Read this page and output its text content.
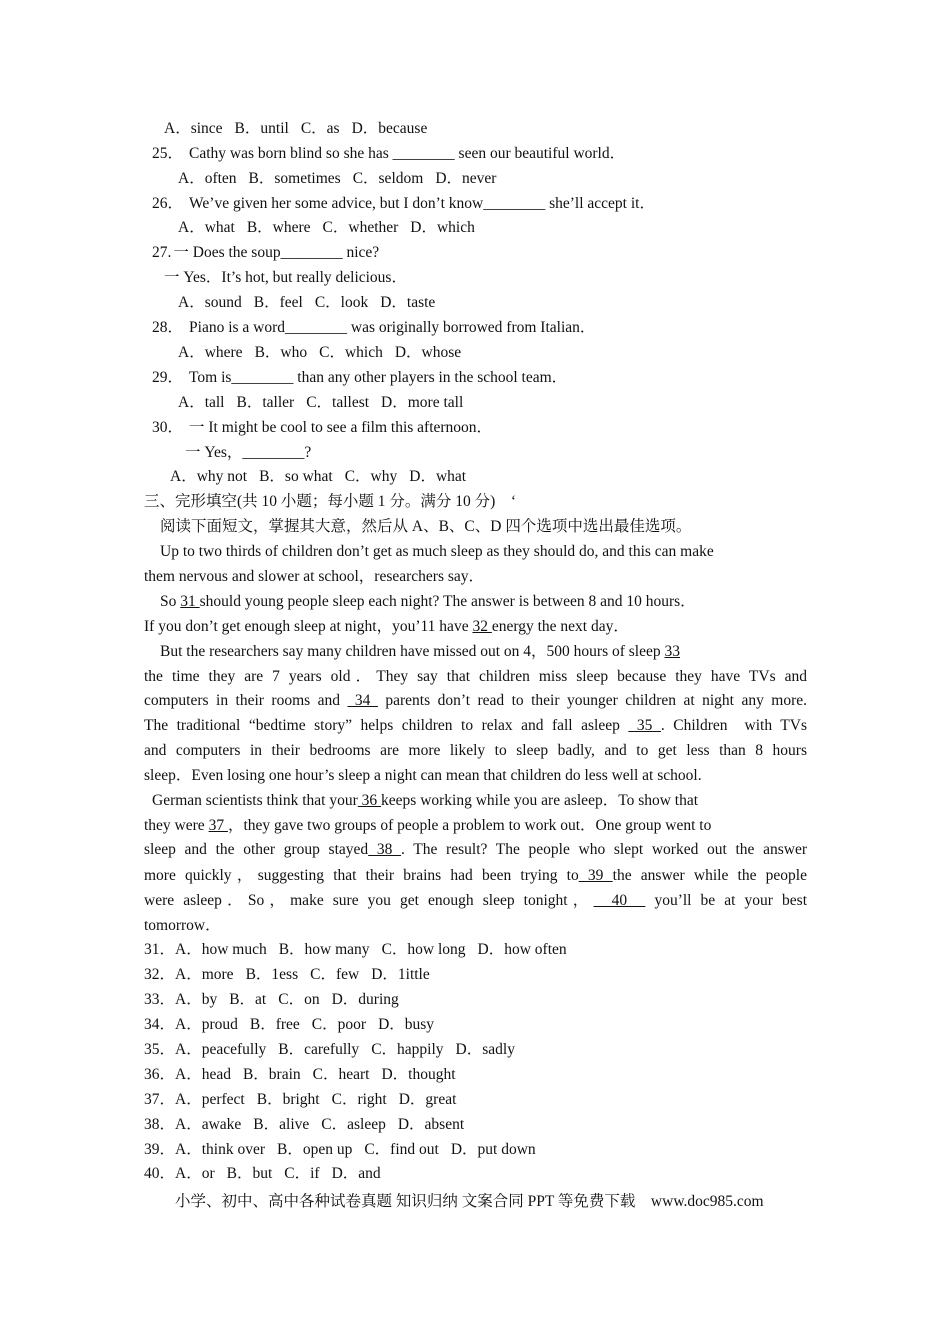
A．since B．until C．as D．because
25． Cathy was born blind so she has ________ seen our beautiful world．
A．often B．sometimes C．seldom D．never
26． We’ve given her some advice, but I don’t know________ she’ll accept it．
A．what B．where C．whether D．which
27. 一 Does the soup________ nice?
一 Yes．It’s hot, but really delicious．
A．sound B．feel C．look D．taste
28． Piano is a word________ was originally borrowed from Italian．
A．where B．who C．which D．whose
29． Tom is________ than any other players in the school team．
A．tall B．taller C．tallest D．more tall
30． 一 It might be cool to see a film this afternoon．
一 Yes，________?
A．why not B．so what C．why D．what
三、完形填空(共 10 小题；每小题 1 分。满分 10 分)　‘
阅读下面短文，掌握其大意，然后从 A、B、C、D 四个选项中选出最佳选项。
Up to two thirds of children don’t get as much sleep as they should do, and this can make
them nervous and slower at school，researchers say．
So 31 should young people sleep each night? The answer is between 8 and 10 hours．
If you don’t get enough sleep at night，you’11 have 32 energy the next day．
But the researchers say many children have missed out on 4，500 hours of sleep 33
the time they are 7 years old．They say that children miss sleep because they have TVs and
computers in their rooms and  34  parents don’t read to their younger children at night any more.
The traditional “bedtime story” helps children to relax and fall asleep  35 . Children  with TVs
and computers in their bedrooms are more likely to sleep badly, and to get less than 8 hours
sleep．Even losing one hour’s sleep a night can mean that children do less well at school.
German scientists think that your 36 keeps working while you are asleep．To show that
they were 37 ，they gave two groups of people a problem to work out．One group went to
sleep and the other group stayed 38 . The result? The people who slept worked out the answer
more quickly，suggesting that their brains had been trying to 39 the answer while the people
were asleep．So，make sure you get enough sleep tonight，  40   you’ll be at your best
tomorrow．
31．A．how much B．how many C．how long D．how often
32．A．more B．1ess C．few D．1ittle
33．A．by B．at C．on D．during
34．A．proud B．free C．poor D．busy
35．A．peacefully B．carefully C．happily D．sadly
36．A．head B．brain C．heart D．thought
37．A．perfect B．bright C．right D．great
38．A．awake B．alive C．asleep D．absent
39．A．think over B．open up C．find out D．put down
40．A．or B．but C．if D．and
小学、初中、高中各种试卷真题 知识归纳 文案合同 PPT 等免费下载　www.doc985.com
